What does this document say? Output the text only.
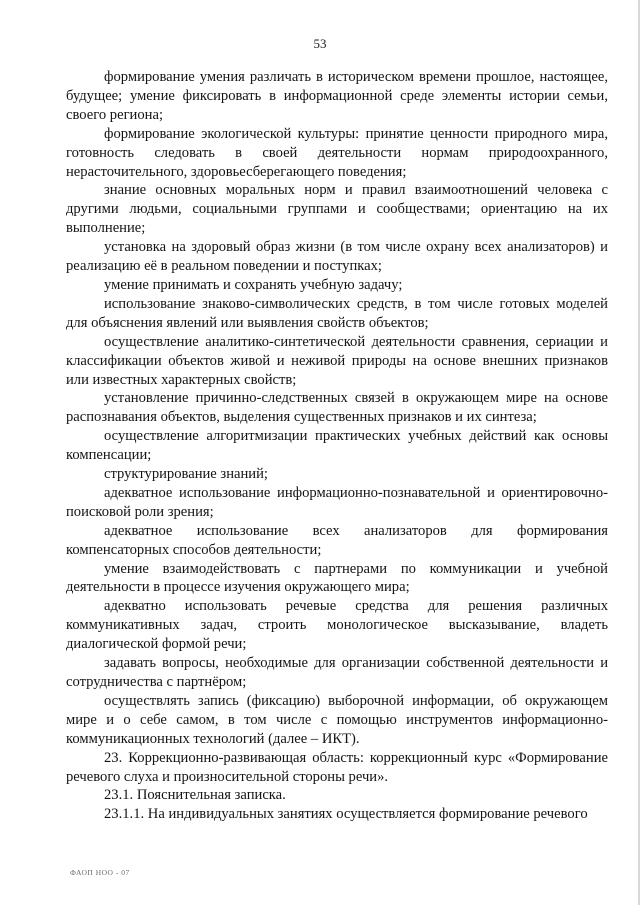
53

формирование умения различать в историческом времени прошлое, настоящее, будущее; умение фиксировать в информационной среде элементы истории семьи, своего региона;

формирование экологической культуры: принятие ценности природного мира, готовность следовать в своей деятельности нормам природоохранного, нерасточительного, здоровьесберегающего поведения;

знание основных моральных норм и правил взаимоотношений человека с другими людьми, социальными группами и сообществами; ориентацию на их выполнение;

установка на здоровый образ жизни (в том числе охрану всех анализаторов) и реализацию её в реальном поведении и поступках;

умение принимать и сохранять учебную задачу;

использование знаково-символических средств, в том числе готовых моделей для объяснения явлений или выявления свойств объектов;

осуществление аналитико-синтетической деятельности сравнения, сериации и классификации объектов живой и неживой природы на основе внешних признаков или известных характерных свойств;

установление причинно-следственных связей в окружающем мире на основе распознавания объектов, выделения существенных признаков и их синтеза;

осуществление алгоритмизации практических учебных действий как основы компенсации;

структурирование знаний;

адекватное использование информационно-познавательной и ориентировочно-поисковой роли зрения;

адекватное использование всех анализаторов для формирования компенсаторных способов деятельности;

умение взаимодействовать с партнерами по коммуникации и учебной деятельности в процессе изучения окружающего мира;

адекватно использовать речевые средства для решения различных коммуникативных задач, строить монологическое высказывание, владеть диалогической формой речи;

задавать вопросы, необходимые для организации собственной деятельности и сотрудничества с партнёром;

осуществлять запись (фиксацию) выборочной информации, об окружающем мире и о себе самом, в том числе с помощью инструментов информационно-коммуникационных технологий (далее – ИКТ).

23. Коррекционно-развивающая область: коррекционный курс «Формирование речевого слуха и произносительной стороны речи».

23.1. Пояснительная записка.

23.1.1. На индивидуальных занятиях осуществляется формирование речевого

ФАОП НОО - 07
